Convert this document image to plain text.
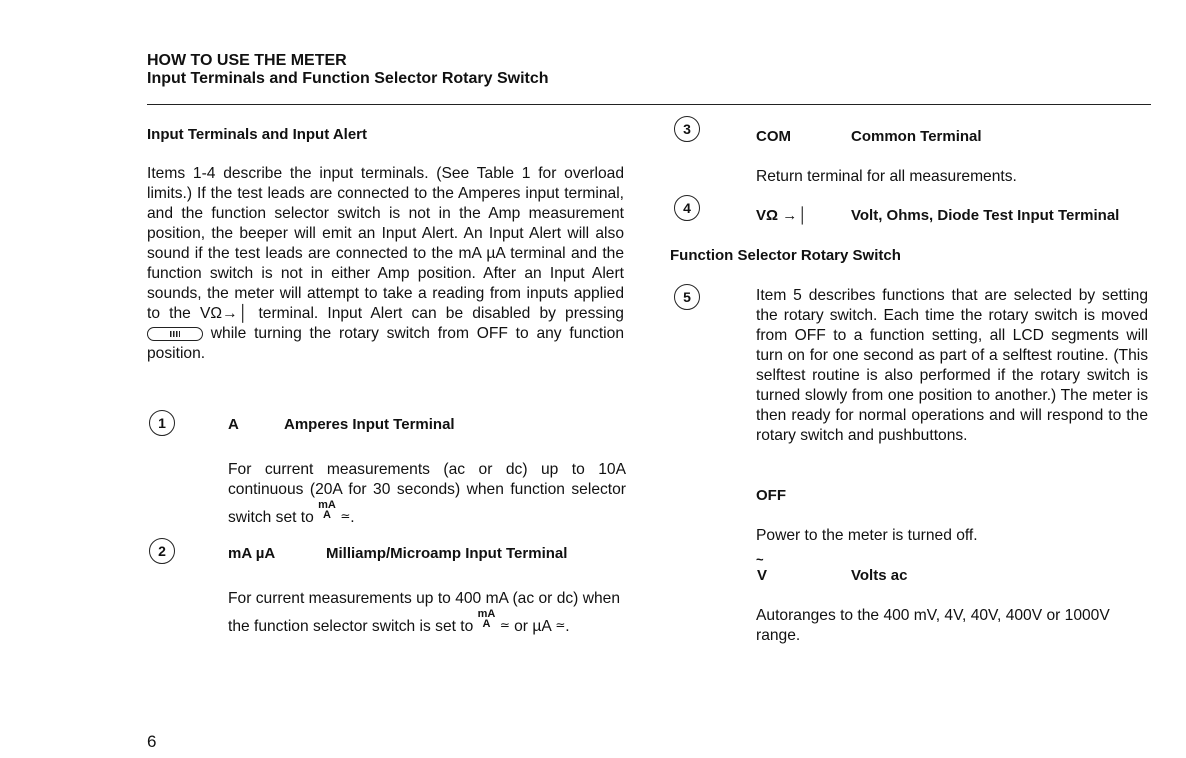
HOW TO USE THE METER
Input Terminals and Function Selector Rotary Switch
Input Terminals and Input Alert
Items 1-4 describe the input terminals. (See Table 1 for overload limits.) If the test leads are connected to the Amperes input terminal, and the function selector switch is not in the Amp measurement position, the beeper will emit an Input Alert. An Input Alert will also sound if the test leads are connected to the mA µA terminal and the function switch is not in either Amp position. After an Input Alert sounds, the meter will attempt to take a reading from inputs applied to the VΩ→│ terminal. Input Alert can be disabled by pressing  while turning the rotary switch from OFF to any function position.
1	A	Amperes Input Terminal
For current measurements (ac or dc) up to 10A continuous (20A for 30 seconds) when function selector switch set to mA
A ≃.
2	mA µA	Milliamp/Microamp Input Terminal
For current measurements up to 400 mA (ac or dc) when the function selector switch is set to mA
A ≃ or µA ≃.
6
3	COM	Common Terminal
Return terminal for all measurements.
4	VΩ →│	Volt, Ohms, Diode Test Input Terminal
Function Selector Rotary Switch
5	Item 5 describes functions that are selected by setting the rotary switch. Each time the rotary switch is moved from OFF to a function setting, all LCD segments will turn on for one second as part of a selftest routine. (This selftest routine is also performed if the rotary switch is turned slowly from one position to another.) The meter is then ready for normal operations and will respond to the rotary switch and pushbuttons.
OFF
Power to the meter is turned off.
~
V	Volts ac
Autoranges to the 400 mV, 4V, 40V, 400V or 1000V range.
